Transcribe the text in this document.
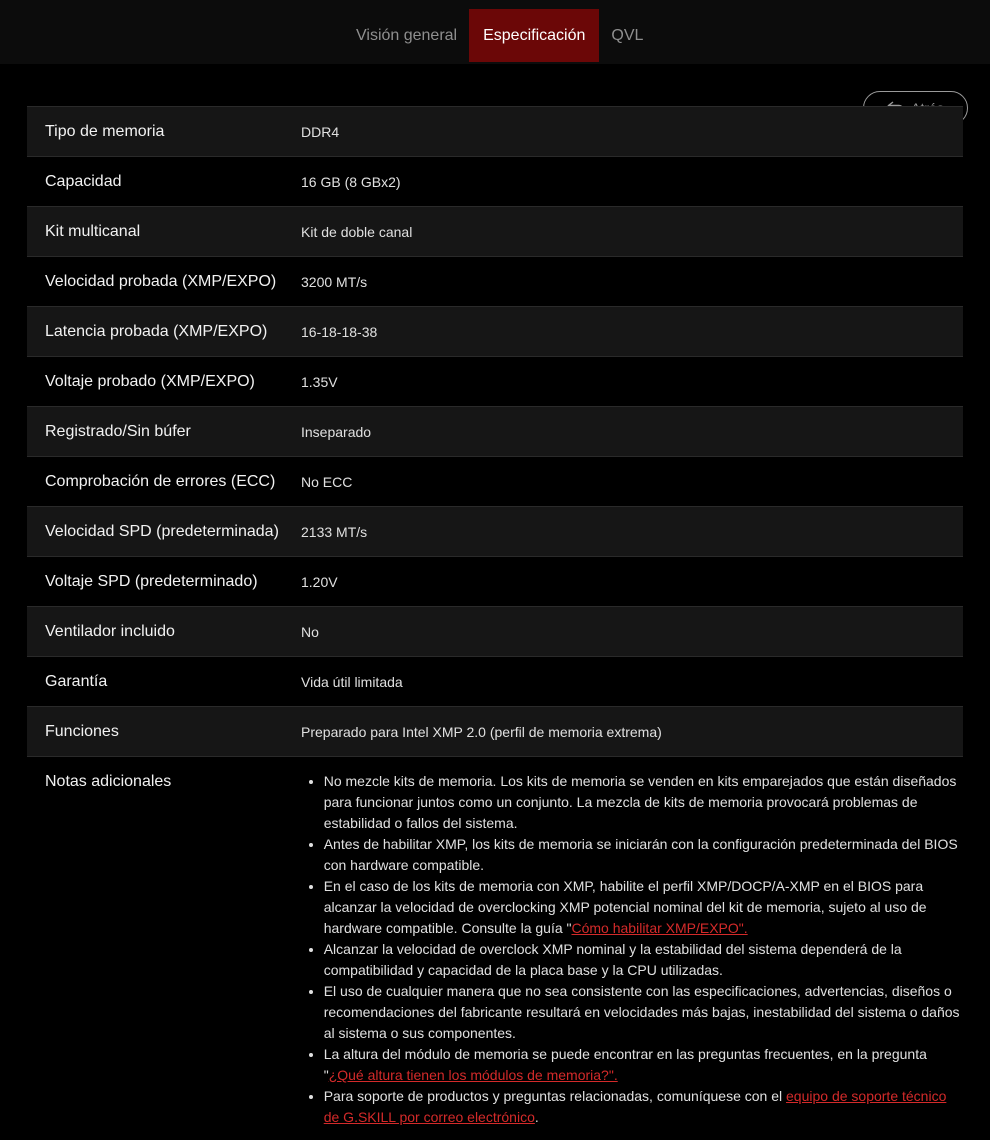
Visión general	Especificación	QVL
Tipo de memoria	DDR4
Capacidad	16 GB (8 GBx2)
Kit multicanal	Kit de doble canal
Velocidad probada (XMP/EXPO)	3200 MT/s
Latencia probada (XMP/EXPO)	16-18-18-38
Voltaje probado (XMP/EXPO)	1.35V
Registrado/Sin búfer	Inseparado
Comprobación de errores (ECC)	No ECC
Velocidad SPD (predeterminada)	2133 MT/s
Voltaje SPD (predeterminado)	1.20V
Ventilador incluido	No
Garantía	Vida útil limitada
Funciones	Preparado para Intel XMP 2.0 (perfil de memoria extrema)
Notas adicionales
•	No mezcle kits de memoria. Los kits de memoria se venden en kits emparejados que están diseñados para funcionar juntos como un conjunto. La mezcla de kits de memoria provocará problemas de estabilidad o fallos del sistema.
• Antes de habilitar XMP, los kits de memoria se iniciarán con la configuración predeterminada del BIOS con hardware compatible.
• En el caso de los kits de memoria con XMP, habilite el perfil XMP/DOCP/A-XMP en el BIOS para alcanzar la velocidad de overclocking XMP potencial nominal del kit de memoria, sujeto al uso de hardware compatible. Consulte la guía "Cómo habilitar XMP/EXPO".
• Alcanzar la velocidad de overclock XMP nominal y la estabilidad del sistema dependerá de la compatibilidad y capacidad de la placa base y la CPU utilizadas.
• El uso de cualquier manera que no sea consistente con las especificaciones, advertencias, diseños o recomendaciones del fabricante resultará en velocidades más bajas, inestabilidad del sistema o daños al sistema o sus componentes.
• La altura del módulo de memoria se puede encontrar en las preguntas frecuentes, en la pregunta "¿Qué altura tienen los módulos de memoria?".
• Para soporte de productos y preguntas relacionadas, comuníquese con el equipo de soporte técnico de G.SKILL por correo electrónico.
